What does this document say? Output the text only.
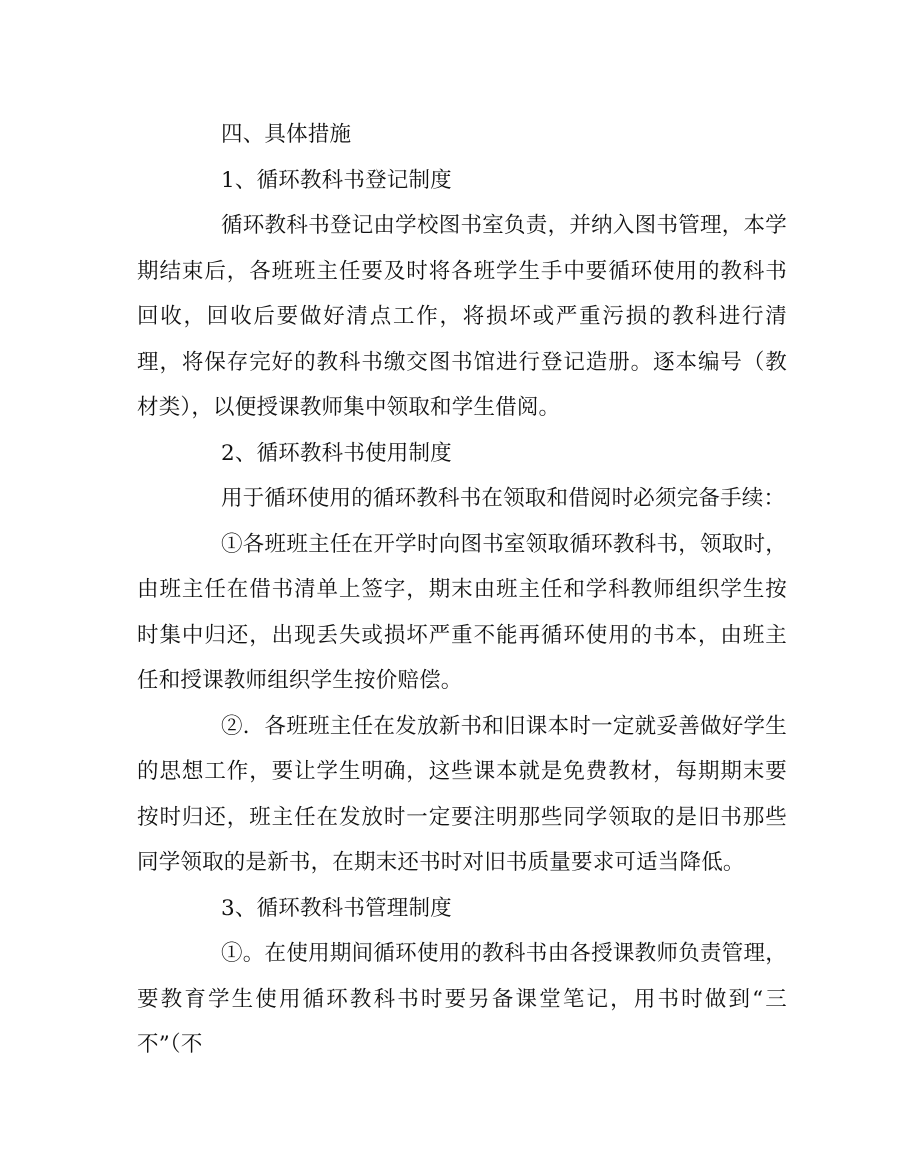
四、具体措施

1、循环教科书登记制度

循环教科书登记由学校图书室负责，并纳入图书管理，本学期结束后，各班班主任要及时将各班学生手中要循环使用的教科书回收，回收后要做好清点工作，将损坏或严重污损的教科进行清理，将保存完好的教科书缴交图书馆进行登记造册。逐本编号（教材类），以便授课教师集中领取和学生借阅。

2、循环教科书使用制度

用于循环使用的循环教科书在领取和借阅时必须完备手续：

①各班班主任在开学时向图书室领取循环教科书，领取时，由班主任在借书清单上签字，期末由班主任和学科教师组织学生按时集中归还，出现丢失或损坏严重不能再循环使用的书本，由班主任和授课教师组织学生按价赔偿。

②．各班班主任在发放新书和旧课本时一定就妥善做好学生的思想工作，要让学生明确，这些课本就是免费教材，每期期末要按时归还，班主任在发放时一定要注明那些同学领取的是旧书那些同学领取的是新书，在期末还书时对旧书质量要求可适当降低。

3、循环教科书管理制度

①。在使用期间循环使用的教科书由各授课教师负责管理，要教育学生使用循环教科书时要另备课堂笔记，用书时做到“三不”（不
